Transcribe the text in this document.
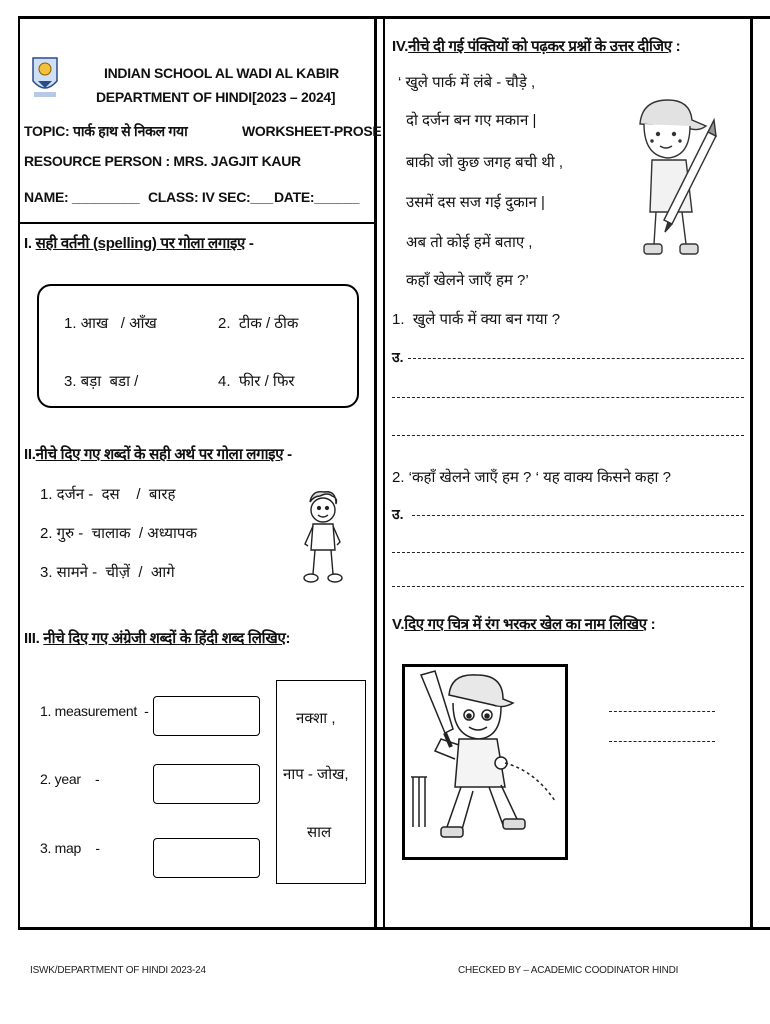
INDIAN SCHOOL AL WADI AL KABIR
DEPARTMENT OF HINDI [2023 – 2024]
TOPIC: पार्क हाथ से निकल गया	WORKSHEET-PROSE
RESOURCE PERSON : MRS. JAGJIT KAUR
NAME: _________ CLASS: IV SEC:___ DATE:______
I. सही वर्तनी (spelling) पर गोला लगाइए -
1. आख   / आँख	2.  टीक / ठीक
3. बड़ा  बडा /	4.  फीर / फिर
II.नीचे दिए गए शब्दों के सही अर्थ पर गोला लगाइए -
1. दर्जन -  दस    /  बारह
2. गुरु -  चालाक  / अध्यापक
3. सामने -  चीज़ें  /  आगे
III. नीचे दिए गए अंग्रेजी शब्दों के हिंदी शब्द लिखिए:
1. measurement  -
2. year    -
3. map    -
नक्शा ,
नाप - जोख,
साल
IV.नीचे दी गई पंक्तियों को पढ़कर प्रश्नों के उत्तर दीजिए :
‘ खुले पार्क में लंबे - चौड़े ,
दो दर्जन बन गए मकान |
बाकी जो कुछ जगह बची थी ,
उसमें दस सज गई दुकान |
अब तो कोई हमें बताए ,
कहाँ खेलने जाएँ हम ?’
1.  खुले पार्क में क्या बन गया ?
उ.
2. ‘कहाँ खेलने जाएँ हम ? ‘ यह वाक्य किसने कहा ?
उ.
V.दिए गए चित्र में रंग भरकर खेल का नाम लिखिए :
ISWK/DEPARTMENT OF HINDI 2023-24	CHECKED BY – ACADEMIC COODINATOR HINDI
